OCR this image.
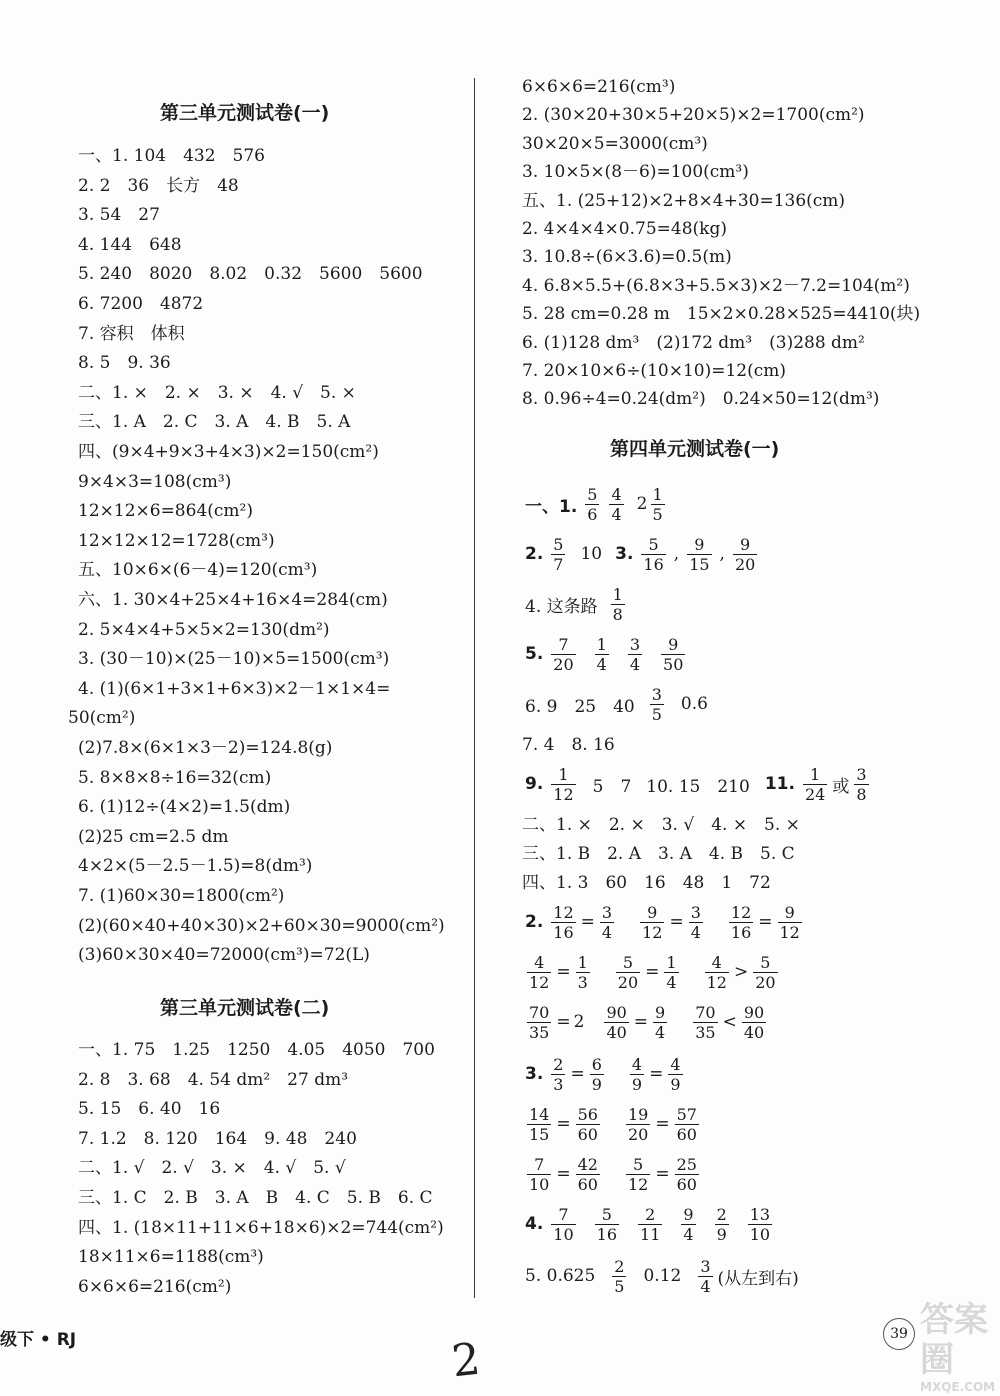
第三单元测试卷(一)
一、1. 104　432　576
2. 2　36　长方　48
3. 54　27
4. 144　648
5. 240　8020　8.02　0.32　5600　5600
6. 7200　4872
7. 容积　体积
8. 5　9. 36
二、1. ×　2. ×　3. ×　4. √　5. ×
三、1. A　2. C　3. A　4. B　5. A
四、(9×4+9×3+4×3)×2=150(cm²)
9×4×3=108(cm³)
12×12×6=864(cm²)
12×12×12=1728(cm³)
五、10×6×(6－4)=120(cm³)
六、1. 30×4+25×4+16×4=284(cm)
2. 5×4×4+5×5×2=130(dm²)
3. (30－10)×(25－10)×5=1500(cm³)
4. (1)(6×1+3×1+6×3)×2－1×1×4=
50(cm²)
(2)7.8×(6×1×3－2)=124.8(g)
5. 8×8×8÷16=32(cm)
6. (1)12÷(4×2)=1.5(dm)
(2)25 cm=2.5 dm
4×2×(5－2.5－1.5)=8(dm³)
7. (1)60×30=1800(cm²)
(2)(60×40+40×30)×2+60×30=9000(cm²)
(3)60×30×40=72000(cm³)=72(L)
第三单元测试卷(二)
一、1. 75　1.25　1250　4.05　4050　700
2. 8　3. 68　4. 54 dm²　27 dm³
5. 15　6. 40　16
7. 1.2　8. 120　164　9. 48　240
二、1. √　2. √　3. ×　4. √　5. √
三、1. C　2. B　3. A　B　4. C　5. B　6. C
四、1. (18×11+11×6+18×6)×2=744(cm²)
18×11×6=1188(cm³)
6×6×6=216(cm²)
6×6×6=216(cm³)
2. (30×20+30×5+20×5)×2=1700(cm²)
30×20×5=3000(cm³)
3. 10×5×(8－6)=100(cm³)
五、1. (25+12)×2+8×4+30=136(cm)
2. 4×4×4×0.75=48(kg)
3. 10.8÷(6×3.6)=0.5(m)
4. 6.8×5.5+(6.8×3+5.5×3)×2－7.2=104(m²)
5. 28 cm=0.28 m　15×2×0.28×525=4410(块)
6. (1)128 dm³　(2)172 dm³　(3)288 dm²
7. 20×10×6÷(10×10)=12(cm)
8. 0.96÷4=0.24(dm²)　0.24×50=12(dm³)
第四单元测试卷(一)
一、1. $\frac{5}{6} \frac{4}{4} 2 \frac{1}{5}$
2. $\frac{5}{7} 10$ 3. $\frac{5}{16}$ , $\frac{9}{15}$ , $\frac{9}{20}$
4. 这条路 $\frac{1}{8}$
5. $\frac{7}{20} \frac{1}{4} \frac{3}{4} \frac{9}{50}$
6. 9　25　$40 \frac{3}{5} 0.6$
7. 4　8. 16
9. $\frac{1}{12} 5$　7 10. 15　210 11. $\frac{1}{24}$ 或 $\frac{3}{8}$
二、1. ×　2. ×　3. √　4. ×　5. ×
三、1. B　2. A　3. A　4. B　5. C
四、1. 3　60　16　48　1　72
2. $\frac{12}{16} = \frac{3}{4} \frac{9}{12} = \frac{3}{4} \frac{12}{16} = \frac{9}{12}$
$\frac{4}{12} = \frac{1}{3} \frac{5}{20} = \frac{1}{4} \frac{4}{12} > \frac{5}{20}$
$\frac{70}{35} = 2 \frac{90}{40} = \frac{9}{4} \frac{70}{35} < \frac{90}{40}$
3. $\frac{2}{3} = \frac{6}{9} \frac{4}{9} = \frac{4}{9}$
$\frac{14}{15} = \frac{56}{60} \frac{19}{20} = \frac{57}{60}$
$\frac{7}{10} = \frac{42}{60} \frac{5}{12} = \frac{25}{60}$
4. $\frac{7}{10} \frac{5}{16} \frac{2}{11} \frac{9}{4} \frac{2}{9} \frac{13}{10}$
5. $0.625 \frac{2}{5} 0.12 \frac{3}{4}$ (从左到右)
级下 • RJ	2	39 答案圈
MXQE.COM
